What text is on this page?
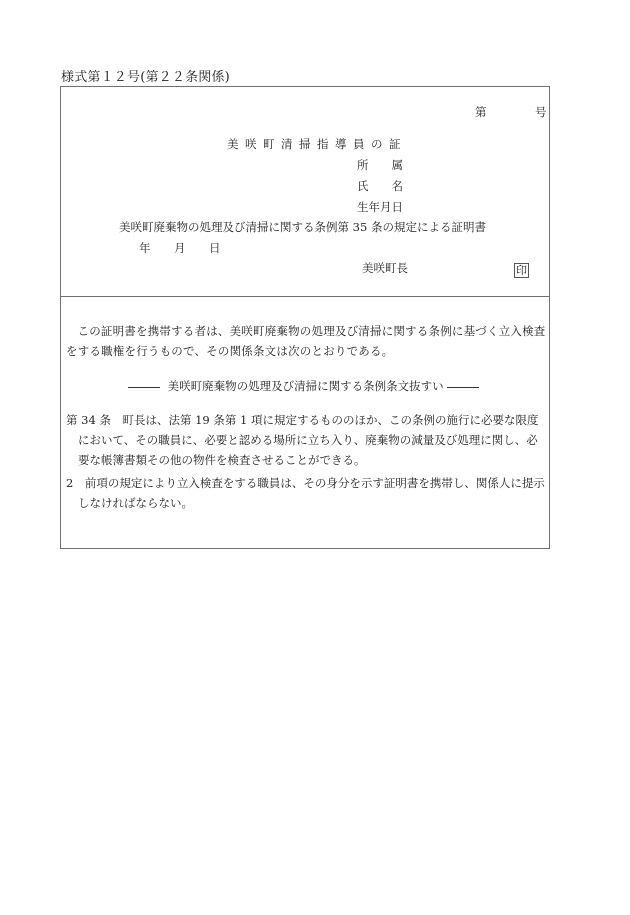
様式第１２号(第２２条関係)
第	号
美咲町清掃指導員の証
所　　属
氏　　名
生年月日
美咲町廃棄物の処理及び清掃に関する条例第 35 条の規定による証明書
年 月 日
美咲町長	印
この証明書を携帯する者は、美咲町廃棄物の処理及び清掃に関する条例に基づく立入検査をする職権を行うもので、その関係条文は次のとおりである。
美咲町廃棄物の処理及び清掃に関する条例条文抜すい
第 34 条　 町長は、法第 19 条第 1 項に規定するもののほか、この条例の施行に必要な限度において、その職員に、必要と認める場所に立ち入り、廃棄物の減量及び処理に関し、必要な帳簿書類その他の物件を検査させることができる。
2　 前項の規定により立入検査をする職員は、その身分を示す証明書を携帯し、関係人に提示しなければならない。
